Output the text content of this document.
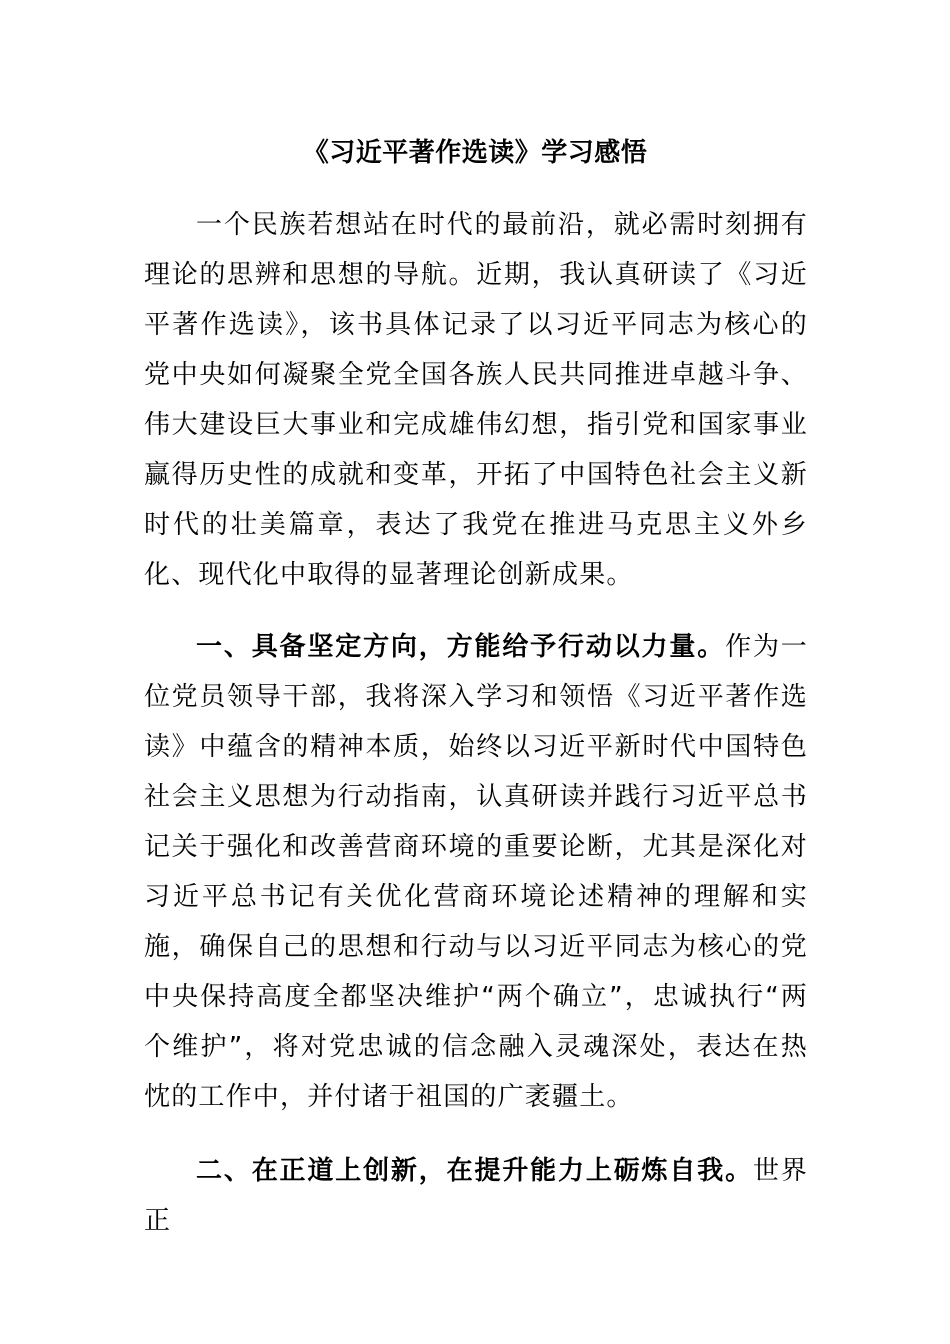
《习近平著作选读》学习感悟

一个民族若想站在时代的最前沿，就必需时刻拥有理论的思辨和思想的导航。近期，我认真研读了《习近平著作选读》，该书具体记录了以习近平同志为核心的党中央如何凝聚全党全国各族人民共同推进卓越斗争、伟大建设巨大事业和完成雄伟幻想，指引党和国家事业赢得历史性的成就和变革，开拓了中国特色社会主义新时代的壮美篇章，表达了我党在推进马克思主义外乡化、现代化中取得的显著理论创新成果。

一、具备坚定方向，方能给予行动以力量。作为一位党员领导干部，我将深入学习和领悟《习近平著作选读》中蕴含的精神本质，始终以习近平新时代中国特色社会主义思想为行动指南，认真研读并践行习近平总书记关于强化和改善营商环境的重要论断，尤其是深化对习近平总书记有关优化营商环境论述精神的理解和实施，确保自己的思想和行动与以习近平同志为核心的党中央保持高度全都坚决维护“两个确立”，忠诚执行“两个维护”，将对党忠诚的信念融入灵魂深处，表达在热忱的工作中，并付诸于祖国的广袤疆土。

二、在正道上创新，在提升能力上砺炼自我。世界正
